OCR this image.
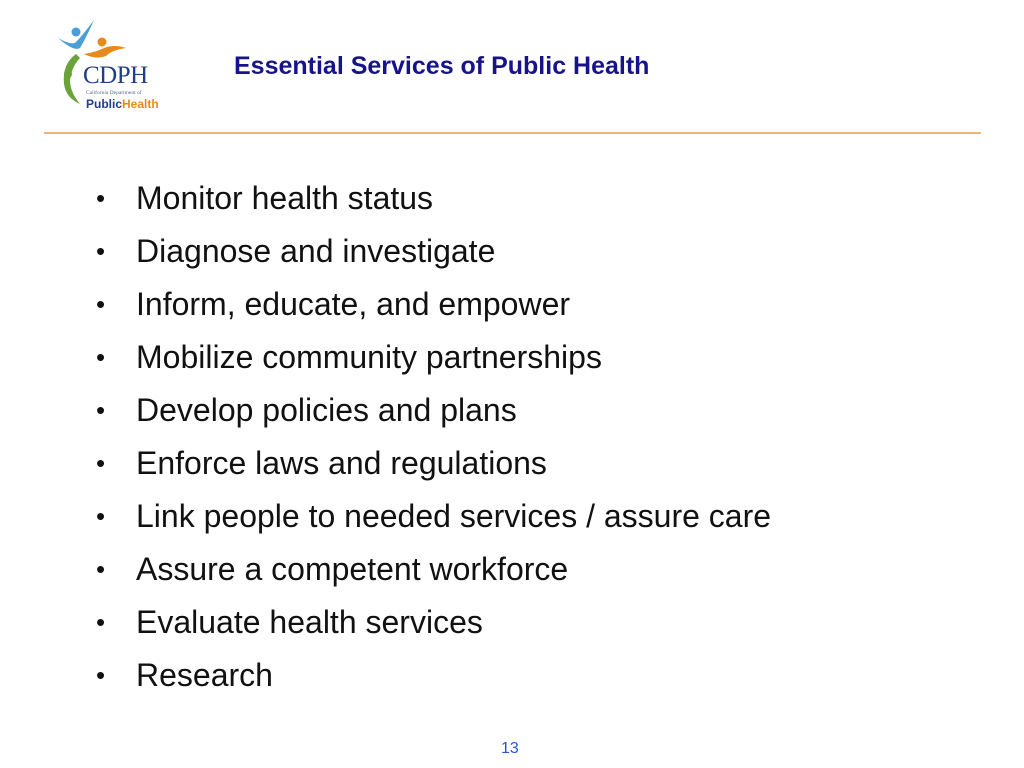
CDPH
California Department of
PublicHealth
Essential Services of Public Health
• Monitor health status
• Diagnose and investigate
• Inform, educate, and empower
• Mobilize community partnerships
• Develop policies and plans
• Enforce laws and regulations
• Link people to needed services / assure care
• Assure a competent workforce
• Evaluate health services
• Research
13
